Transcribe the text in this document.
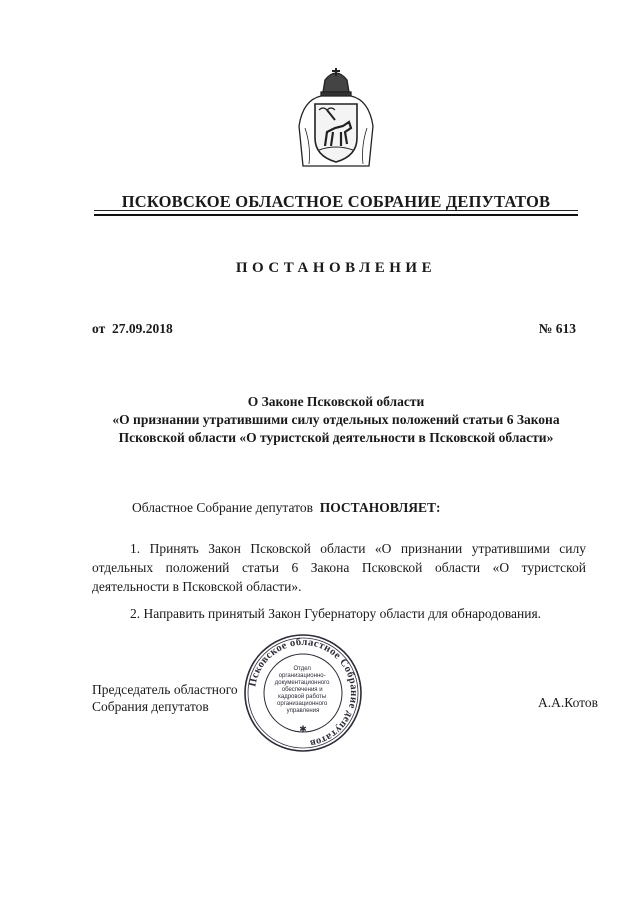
ПСКОВСКОЕ ОБЛАСТНОЕ СОБРАНИЕ ДЕПУТАТОВ
ПОСТАНОВЛЕНИЕ
от 27.09.2018	№ 613
О Законе Псковской области
«О признании утратившими силу отдельных положений статьи 6 Закона
Псковской области «О туристской деятельности в Псковской области»
Областное Собрание депутатов ПОСТАНОВЛЯЕТ:
1. Принять Закон Псковской области «О признании утратившими силу
отдельных положений статьи 6 Закона Псковской области «О туристской
деятельности в Псковской области».
2. Направить принятый Закон Губернатору области для обнародования.
Председатель областного
Собрания депутатов	А.А.Котов
Псковское областное Собрание депутатов
Отдел организационно- документационного обеспечения и кадровой работы организационного управления
✱
